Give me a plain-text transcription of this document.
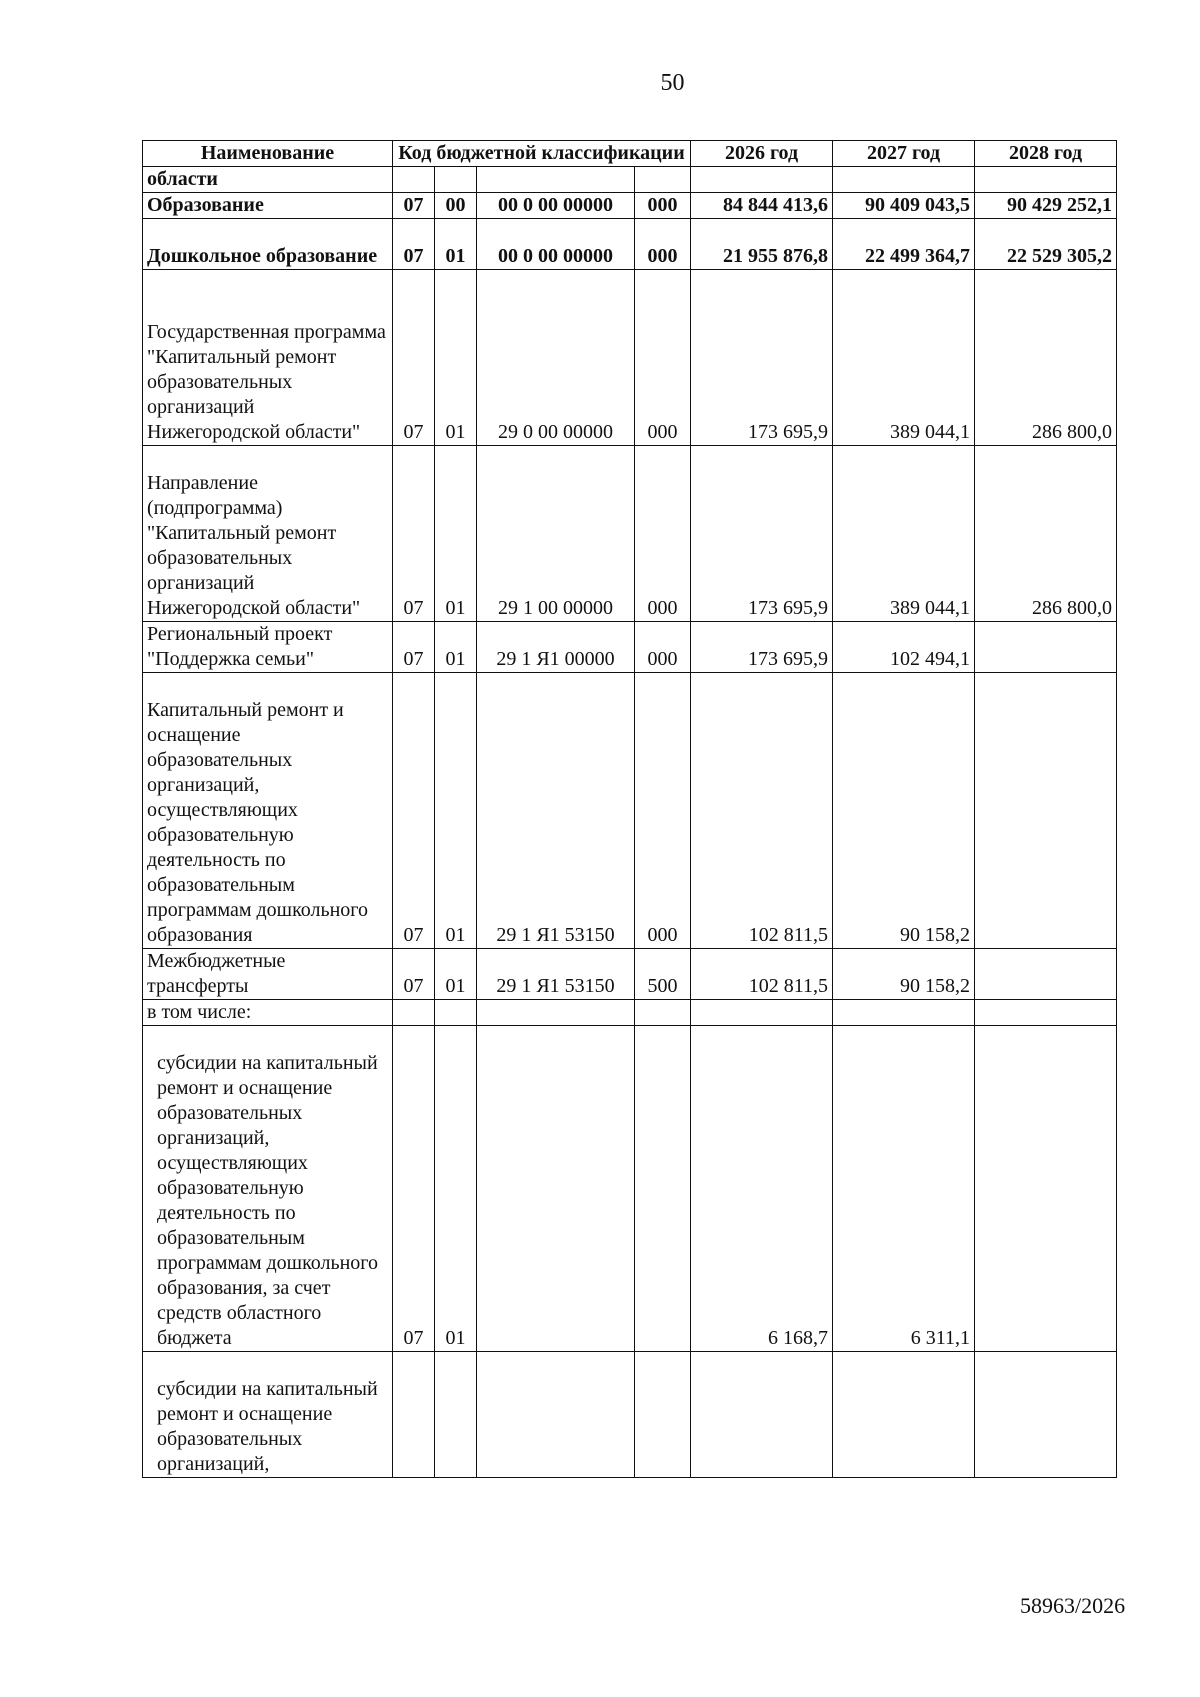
50
Наименование	Код бюджетной классификации				2026 год	2027 год	2028 год
области							
Образование	07	00	00 0 00 00000	000	84 844 413,6	90 409 043,5	90 429 252,1
Дошкольное образование	07	01	00 0 00 00000	000	21 955 876,8	22 499 364,7	22 529 305,2
Государственная программа "Капитальный ремонт образовательных организаций Нижегородской области"	07	01	29 0 00 00000	000	173 695,9	389 044,1	286 800,0
Направление (подпрограмма) "Капитальный ремонт образовательных организаций Нижегородской области"	07	01	29 1 00 00000	000	173 695,9	389 044,1	286 800,0
Региональный проект "Поддержка семьи"	07	01	29 1 Я1 00000	000	173 695,9	102 494,1	
Капитальный ремонт и оснащение образовательных организаций, осуществляющих образовательную деятельность по образовательным программам дошкольного образования	07	01	29 1 Я1 53150	000	102 811,5	90 158,2	
Межбюджетные трансферты	07	01	29 1 Я1 53150	500	102 811,5	90 158,2	
в том числе:							
субсидии на капитальный ремонт и оснащение образовательных организаций, осуществляющих образовательную деятельность по образовательным программам дошкольного образования, за счет средств областного бюджета	07	01			6 168,7	6 311,1	
субсидии на капитальный ремонт и оснащение образовательных организаций,							
58963/2026
